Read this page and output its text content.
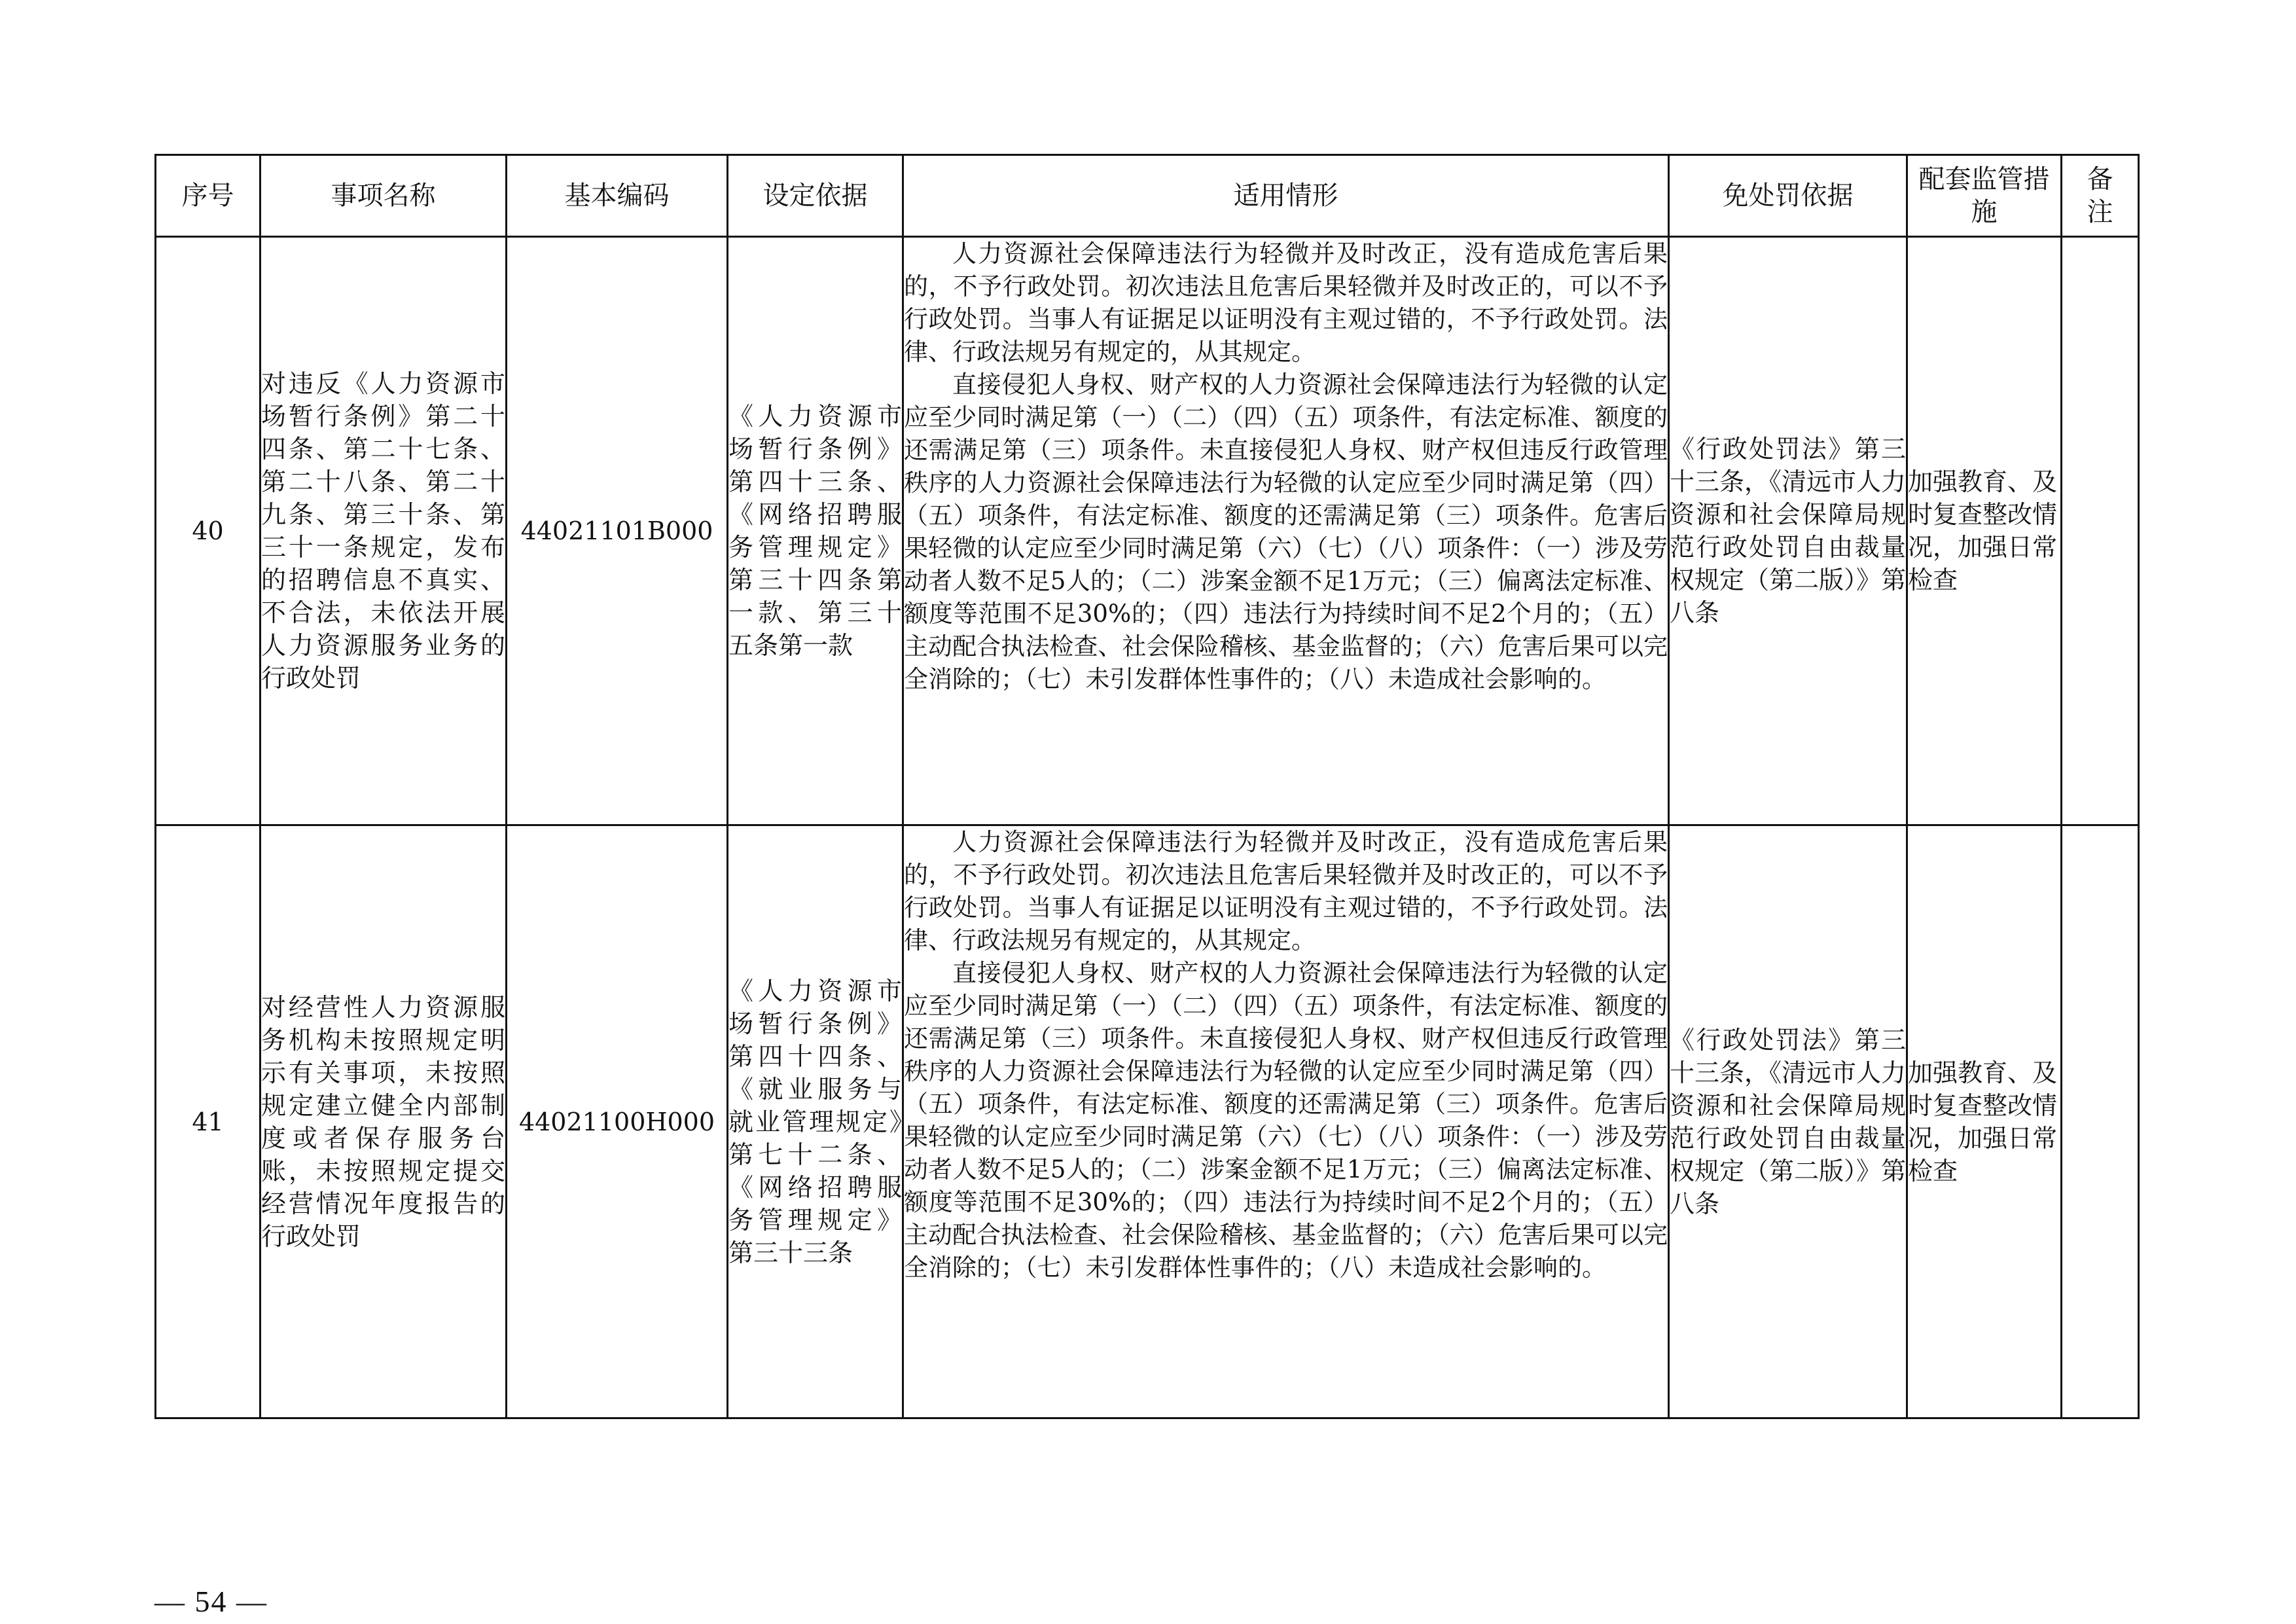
序号	事项名称	基本编码	设定依据	适用情形	免处罚依据	配套监管措施	备注
40	对违反《人力资源市场暂行条例》第二十四条、第二十七条、第二十八条、第二十九条、第三十条、第三十一条规定，发布的招聘信息不真实、不合法，未依法开展人力资源服务业务的行政处罚	44021101B000	《人力资源市场暂行条例》第四十三条、《网络招聘服务管理规定》第三十四条第一款、第三十五条第一款	人力资源社会保障违法行为轻微并及时改正，没有造成危害后果的，不予行政处罚。初次违法且危害后果轻微并及时改正的，可以不予行政处罚。当事人有证据足以证明没有主观过错的，不予行政处罚。法律、行政法规另有规定的，从其规定。

直接侵犯人身权、财产权的人力资源社会保障违法行为轻微的认定应至少同时满足第（一）（二）（四）（五）项条件，有法定标准、额度的还需满足第（三）项条件。未直接侵犯人身权、财产权但违反行政管理秩序的人力资源社会保障违法行为轻微的认定应至少同时满足第（四）（五）项条件，有法定标准、额度的还需满足第（三）项条件。危害后果轻微的认定应至少同时满足第（六）（七）（八）项条件：（一）涉及劳动者人数不足5人的；（二）涉案金额不足1万元；（三）偏离法定标准、额度等范围不足30%的；（四）违法行为持续时间不足2个月的；（五）主动配合执法检查、社会保险稽核、基金监督的；（六）危害后果可以完全消除的；（七）未引发群体性事件的；（八）未造成社会影响的。	《行政处罚法》第三十三条，《清远市人力资源和社会保障局规范行政处罚自由裁量权规定（第二版）》第八条	加强教育、及时复查整改情况，加强日常检查	
41	对经营性人力资源服务机构未按照规定明示有关事项，未按照规定建立健全内部制度或者保存服务台账，未按照规定提交经营情况年度报告的行政处罚	44021100H000	《人力资源市场暂行条例》第四十四条、《就业服务与就业管理规定》第七十二条、《网络招聘服务管理规定》第三十三条	人力资源社会保障违法行为轻微并及时改正，没有造成危害后果的，不予行政处罚。初次违法且危害后果轻微并及时改正的，可以不予行政处罚。当事人有证据足以证明没有主观过错的，不予行政处罚。法律、行政法规另有规定的，从其规定。

直接侵犯人身权、财产权的人力资源社会保障违法行为轻微的认定应至少同时满足第（一）（二）（四）（五）项条件，有法定标准、额度的还需满足第（三）项条件。未直接侵犯人身权、财产权但违反行政管理秩序的人力资源社会保障违法行为轻微的认定应至少同时满足第（四）（五）项条件，有法定标准、额度的还需满足第（三）项条件。危害后果轻微的认定应至少同时满足第（六）（七）（八）项条件：（一）涉及劳动者人数不足5人的；（二）涉案金额不足1万元；（三）偏离法定标准、额度等范围不足30%的；（四）违法行为持续时间不足2个月的；（五）主动配合执法检查、社会保险稽核、基金监督的；（六）危害后果可以完全消除的；（七）未引发群体性事件的；（八）未造成社会影响的。	《行政处罚法》第三十三条，《清远市人力资源和社会保障局规范行政处罚自由裁量权规定（第二版）》第八条	加强教育、及时复查整改情况，加强日常检查	
— 54 —
